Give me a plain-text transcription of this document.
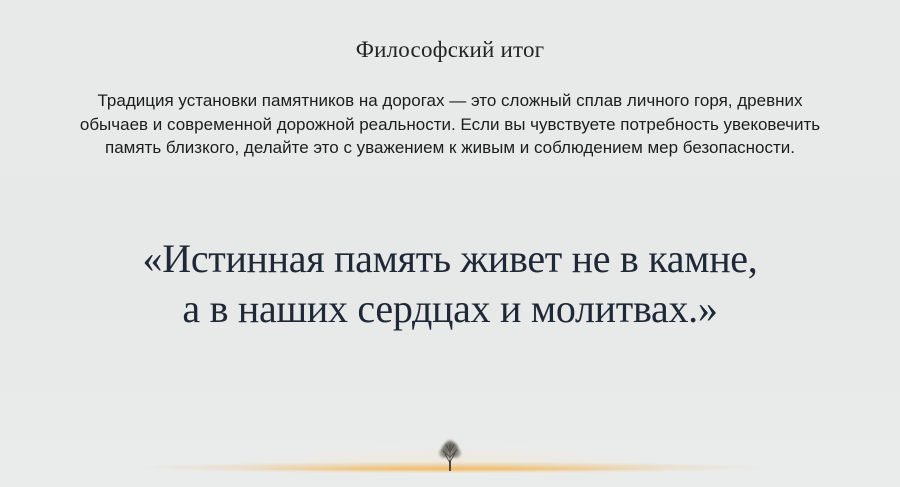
Философский итог

Традиция установки памятников на дорогах — это сложный сплав личного горя, древних обычаев и современной дорожной реальности. Если вы чувствуете потребность увековечить память близкого, делайте это с уважением к живым и соблюдением мер безопасности.

«Истинная память живет не в камне,
а в наших сердцах и молитвах.»
